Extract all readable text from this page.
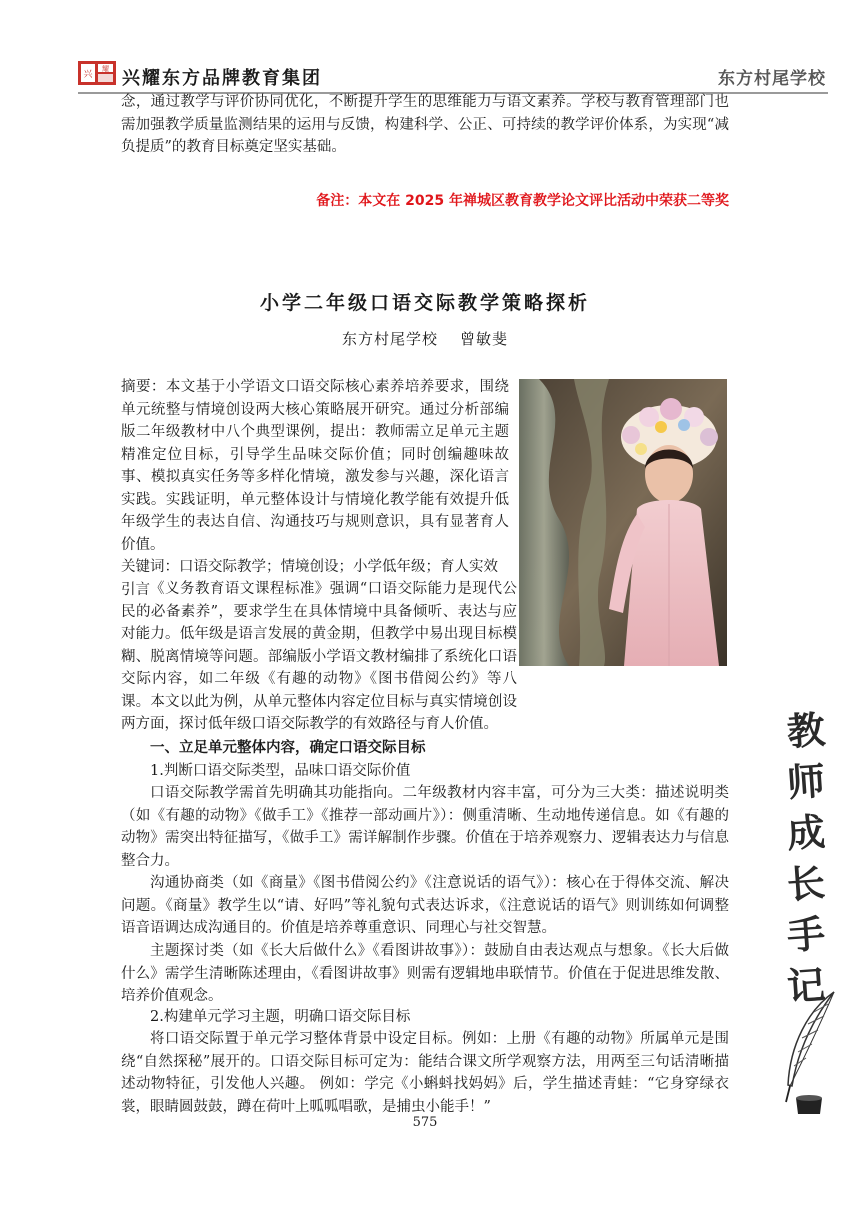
兴
耀 兴耀东方品牌教育集团	东方村尾学校
念，通过教学与评价协同优化，不断提升学生的思维能力与语文素养。学校与教育管理部门也需加强教学质量监测结果的运用与反馈，构建科学、公正、可持续的教学评价体系，为实现“减负提质”的教育目标奠定坚实基础。
备注：本文在 2025 年禅城区教育教学论文评比活动中荣获二等奖
小学二年级口语交际教学策略探析
东方村尾学校 曾敏斐
摘要：本文基于小学语文口语交际核心素养培养要求，围绕单元统整与情境创设两大核心策略展开研究。通过分析部编版二年级教材中八个典型课例，提出：教师需立足单元主题精准定位目标，引导学生品味交际价值；同时创编趣味故事、模拟真实任务等多样化情境，激发参与兴趣，深化语言实践。实践证明，单元整体设计与情境化教学能有效提升低年级学生的表达自信、沟通技巧与规则意识，具有显著育人价值。
关键词：口语交际教学；情境创设；小学低年级；育人实效
引言 《义务教育语文课程标准》强调“口语交际能力是现代公民的必备素养”，要求学生在具体情境中具备倾听、表达与应对能力。低年级是语言发展的黄金期，但教学中易出现目标模糊、脱离情境等问题。部编版小学语文教材编排了系统化口语交际内容，如二年级《有趣的动物》《图书借阅公约》等八课。本文以此为例，从单元整体内容定位目标与真实情境创设两方面，探讨低年级口语交际教学的有效路径与育人价值。
一、立足单元整体内容，确定口语交际目标
1.判断口语交际类型，品味口语交际价值
口语交际教学需首先明确其功能指向。二年级教材内容丰富，可分为三大类：描述说明类（如《有趣的动物》《做手工》《推荐一部动画片》）：侧重清晰、生动地传递信息。如《有趣的动物》需突出特征描写，《做手工》需详解制作步骤。价值在于培养观察力、逻辑表达力与信息整合力。
沟通协商类（如《商量》《图书借阅公约》《注意说话的语气》）：核心在于得体交流、解决问题。《商量》教学生以“请、好吗”等礼貌句式表达诉求，《注意说话的语气》则训练如何调整语音语调达成沟通目的。价值是培养尊重意识、同理心与社交智慧。
主题探讨类（如《长大后做什么》《看图讲故事》）：鼓励自由表达观点与想象。《长大后做什么》需学生清晰陈述理由，《看图讲故事》则需有逻辑地串联情节。价值在于促进思维发散、培养价值观念。
2.构建单元学习主题，明确口语交际目标
将口语交际置于单元学习整体背景中设定目标。例如：上册《有趣的动物》所属单元是围绕“自然探秘”展开的。口语交际目标可定为：能结合课文所学观察方法，用两至三句话清晰描述动物特征，引发他人兴趣。 例如：学完《小蝌蚪找妈妈》后，学生描述青蛙：“它身穿绿衣裳，眼睛圆鼓鼓，蹲在荷叶上呱呱唱歌，是捕虫小能手！”
575
教
师
成
长
手
记
